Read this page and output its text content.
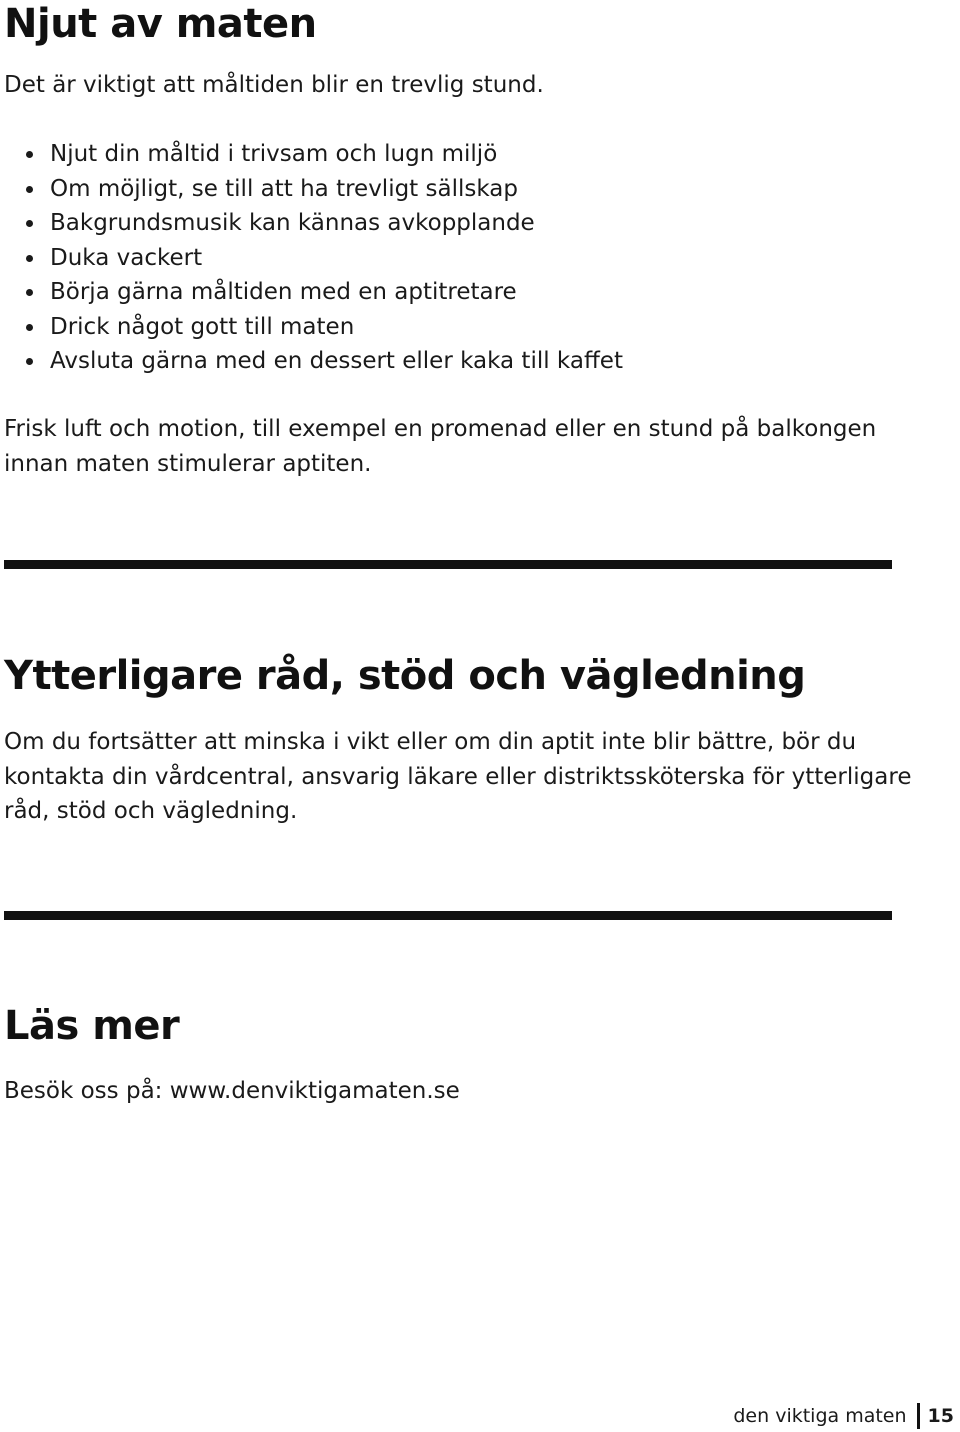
Njut av maten

Det är viktigt att måltiden blir en trevlig stund.

Njut din måltid i trivsam och lugn miljö
Om möjligt, se till att ha trevligt sällskap
Bakgrundsmusik kan kännas avkopplande
Duka vackert
Börja gärna måltiden med en aptitretare
Drick något gott till maten
Avsluta gärna med en dessert eller kaka till kaffet

Frisk luft och motion, till exempel en promenad eller en stund på balkongen innan maten stimulerar aptiten.

Ytterligare råd, stöd och vägledning

Om du fortsätter att minska i vikt eller om din aptit inte blir bättre, bör du kontakta din vårdcentral, ansvarig läkare eller distriktssköterska för ytterligare råd, stöd och vägledning.

Läs mer

Besök oss på: www.denviktigamaten.se

den viktiga maten 15
